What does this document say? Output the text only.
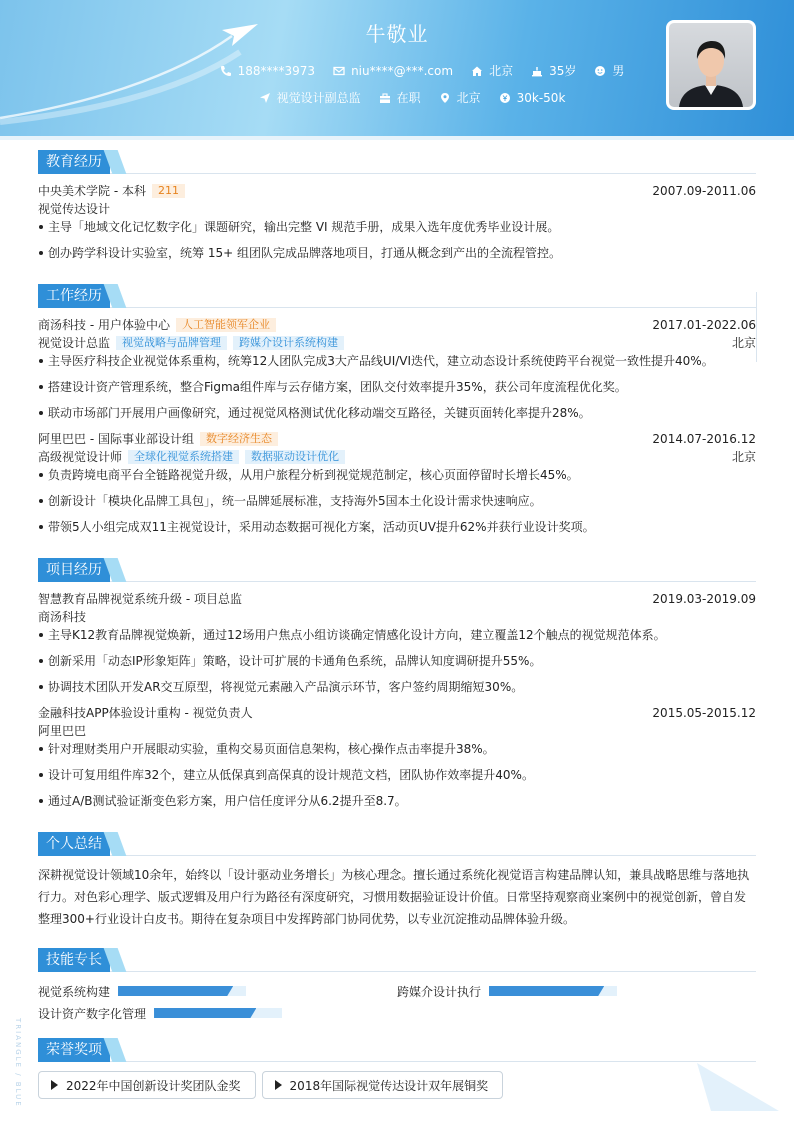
牛敬业
188****3973	niu****@***.com	北京	35岁	男
视觉设计副总监	在职	北京	30k-50k
教育经历
中央美术学院 - 本科	211	2007.09-2011.06
视觉传达设计
主导「地域文化记忆数字化」课题研究，输出完整 VI 规范手册，成果入选年度优秀毕业设计展。
创办跨学科设计实验室，统筹 15+ 组团队完成品牌落地项目，打通从概念到产出的全流程管控。
工作经历
商汤科技 - 用户体验中心	人工智能领军企业	2017.01-2022.06
视觉设计总监	视觉战略与品牌管理	跨媒介设计系统构建	北京
主导医疗科技企业视觉体系重构，统筹12人团队完成3大产品线UI/VI迭代，建立动态设计系统使跨平台视觉一致性提升40%。
搭建设计资产管理系统，整合Figma组件库与云存储方案，团队交付效率提升35%，获公司年度流程优化奖。
联动市场部门开展用户画像研究，通过视觉风格测试优化移动端交互路径，关键页面转化率提升28%。
阿里巴巴 - 国际事业部设计组	数字经济生态	2014.07-2016.12
高级视觉设计师	全球化视觉系统搭建	数据驱动设计优化	北京
负责跨境电商平台全链路视觉升级，从用户旅程分析到视觉规范制定，核心页面停留时长增长45%。
创新设计「模块化品牌工具包」，统一品牌延展标准，支持海外5国本土化设计需求快速响应。
带领5人小组完成双11主视觉设计，采用动态数据可视化方案，活动页UV提升62%并获行业设计奖项。
项目经历
智慧教育品牌视觉系统升级 - 项目总监	2019.03-2019.09
商汤科技
主导K12教育品牌视觉焕新，通过12场用户焦点小组访谈确定情感化设计方向，建立覆盖12个触点的视觉规范体系。
创新采用「动态IP形象矩阵」策略，设计可扩展的卡通角色系统，品牌认知度调研提升55%。
协调技术团队开发AR交互原型，将视觉元素融入产品演示环节，客户签约周期缩短30%。
金融科技APP体验设计重构 - 视觉负责人	2015.05-2015.12
阿里巴巴
针对理财类用户开展眼动实验，重构交易页面信息架构，核心操作点击率提升38%。
设计可复用组件库32个，建立从低保真到高保真的设计规范文档，团队协作效率提升40%。
通过A/B测试验证渐变色彩方案，用户信任度评分从6.2提升至8.7。
个人总结
深耕视觉设计领域10余年，始终以「设计驱动业务增长」为核心理念。擅长通过系统化视觉语言构建品牌认知，兼具战略思维与落地执行力。对色彩心理学、版式逻辑及用户行为路径有深度研究，习惯用数据验证设计价值。日常坚持观察商业案例中的视觉创新，曾自发整理300+行业设计白皮书。期待在复杂项目中发挥跨部门协同优势，以专业沉淀推动品牌体验升级。
技能专长
视觉系统构建	跨媒介设计执行
设计资产数字化管理
荣誉奖项
2022年中国创新设计奖团队金奖	2018年国际视觉传达设计双年展铜奖
TRIANGLE / BLUE
